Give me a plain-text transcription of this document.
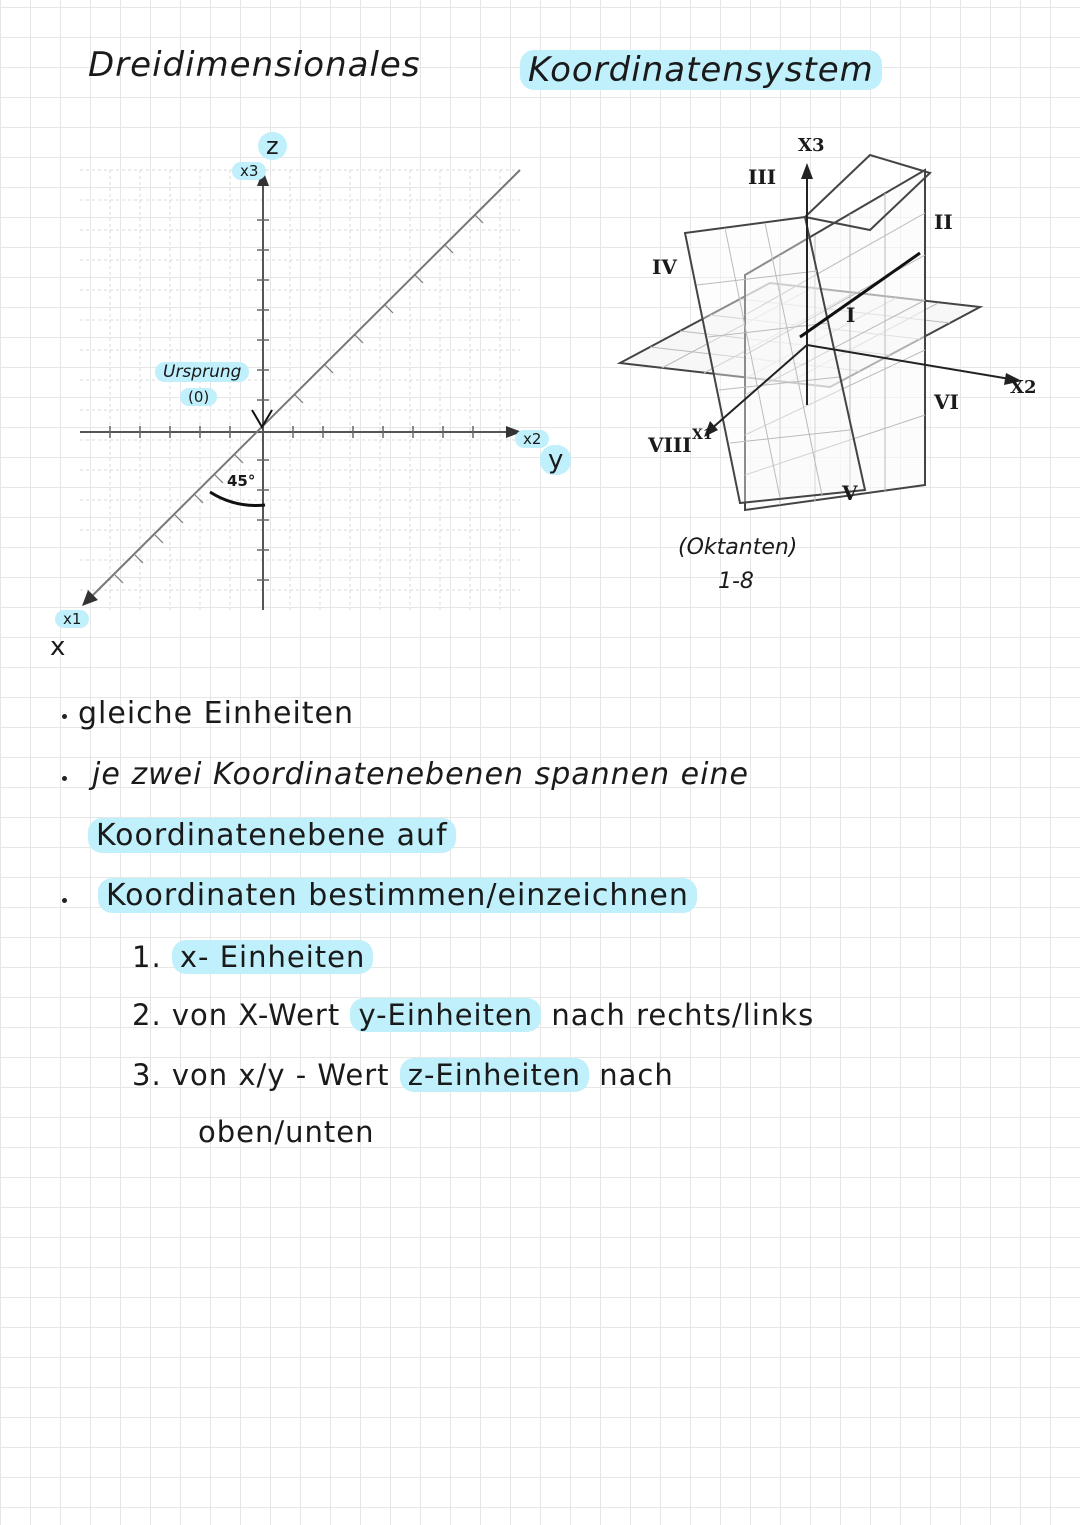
Dreidimensionales	Koordinatensystem
z
x3
x2
y
x1
x
Ursprung
(0)
45°
X3
X2
X1
I
II
III
IV
V
VI
VIII
(Oktanten)
1-8
gleiche Einheiten
je zwei Koordinatenebenen spannen eine
Koordinatenebene auf
Koordinaten bestimmen/einzeichnen
1. x- Einheiten
2. von X-Wert y-Einheiten nach rechts/links
3. von x/y - Wert z-Einheiten nach
oben/unten
